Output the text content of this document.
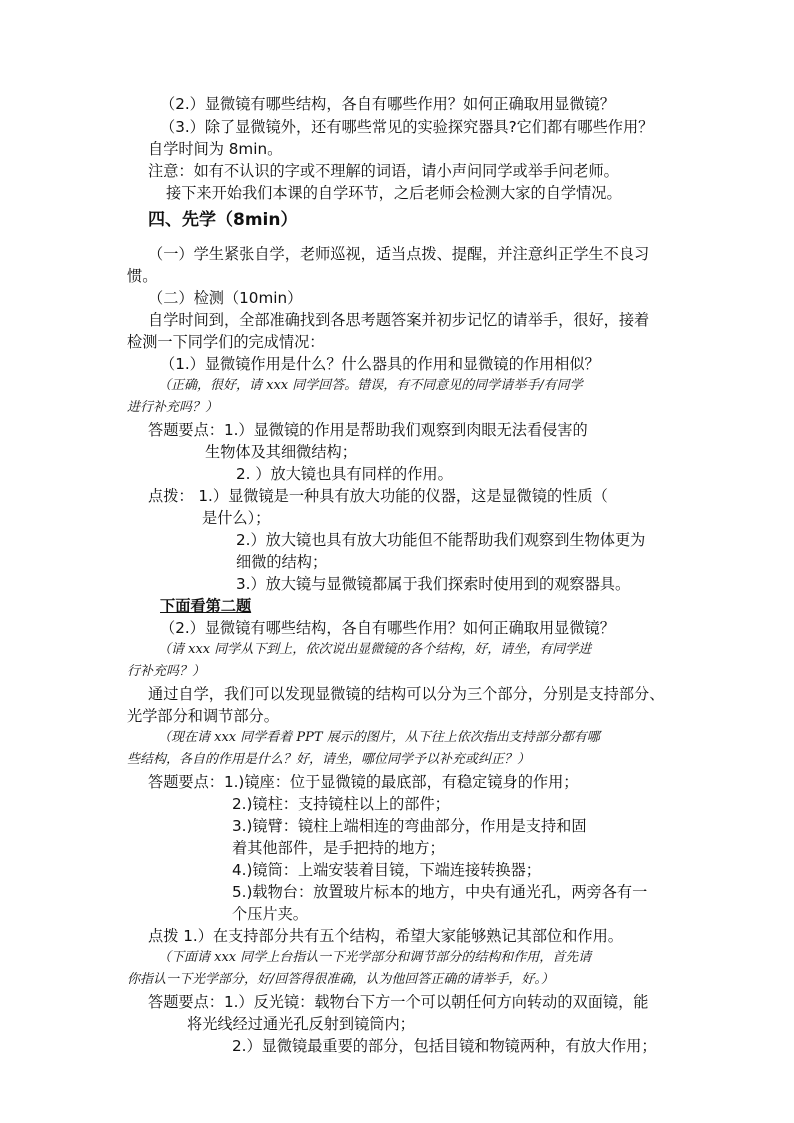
（2.）显微镜有哪些结构，各自有哪些作用？如何正确取用显微镜？
（3.）除了显微镜外，还有哪些常见的实验探究器具?它们都有哪些作用？
自学时间为 8min。
注意：如有不认识的字或不理解的词语，请小声问同学或举手问老师。
接下来开始我们本课的自学环节，之后老师会检测大家的自学情况。
四、先学（8min）
（一）学生紧张自学，老师巡视，适当点拨、提醒，并注意纠正学生不良习
惯。
（二）检测（10min）
自学时间到，全部准确找到各思考题答案并初步记忆的请举手，很好，接着
检测一下同学们的完成情况：
（1.）显微镜作用是什么？什么器具的作用和显微镜的作用相似？
（正确，很好，请 xxx 同学回答。错误，有不同意见的同学请举手/有同学
进行补充吗？）
答题要点：1.）显微镜的作用是帮助我们观察到肉眼无法看侵害的
生物体及其细微结构；
2. ）放大镜也具有同样的作用。
点拨： 1.）显微镜是一种具有放大功能的仪器，这是显微镜的性质（
是什么）；
2.）放大镜也具有放大功能但不能帮助我们观察到生物体更为
细微的结构；
3.）放大镜与显微镜都属于我们探索时使用到的观察器具。
下面看第二题
（2.）显微镜有哪些结构，各自有哪些作用？如何正确取用显微镜？
（请 xxx 同学从下到上，依次说出显微镜的各个结构，好，请坐，有同学进
行补充吗？）
通过自学，我们可以发现显微镜的结构可以分为三个部分，分别是支持部分、
光学部分和调节部分。
（现在请 xxx 同学看着 PPT 展示的图片，从下往上依次指出支持部分都有哪
些结构，各自的作用是什么？好，请坐，哪位同学予以补充或纠正？）
答题要点：1.)镜座：位于显微镜的最底部，有稳定镜身的作用；
2.)镜柱：支持镜柱以上的部件；
3.)镜臂：镜柱上端相连的弯曲部分，作用是支持和固
着其他部件，是手把持的地方；
4.)镜筒：上端安装着目镜，下端连接转换器；
5.)载物台：放置玻片标本的地方，中央有通光孔，两旁各有一
个压片夹。
点拨 1.）在支持部分共有五个结构，希望大家能够熟记其部位和作用。
（下面请 xxx 同学上台指认一下光学部分和调节部分的结构和作用，首先请
你指认一下光学部分，好/回答得很准确，认为他回答正确的请举手，好。）
答题要点：1.）反光镜：载物台下方一个可以朝任何方向转动的双面镜，能
将光线经过通光孔反射到镜筒内；
2.）显微镜最重要的部分，包括目镜和物镜两种，有放大作用；
